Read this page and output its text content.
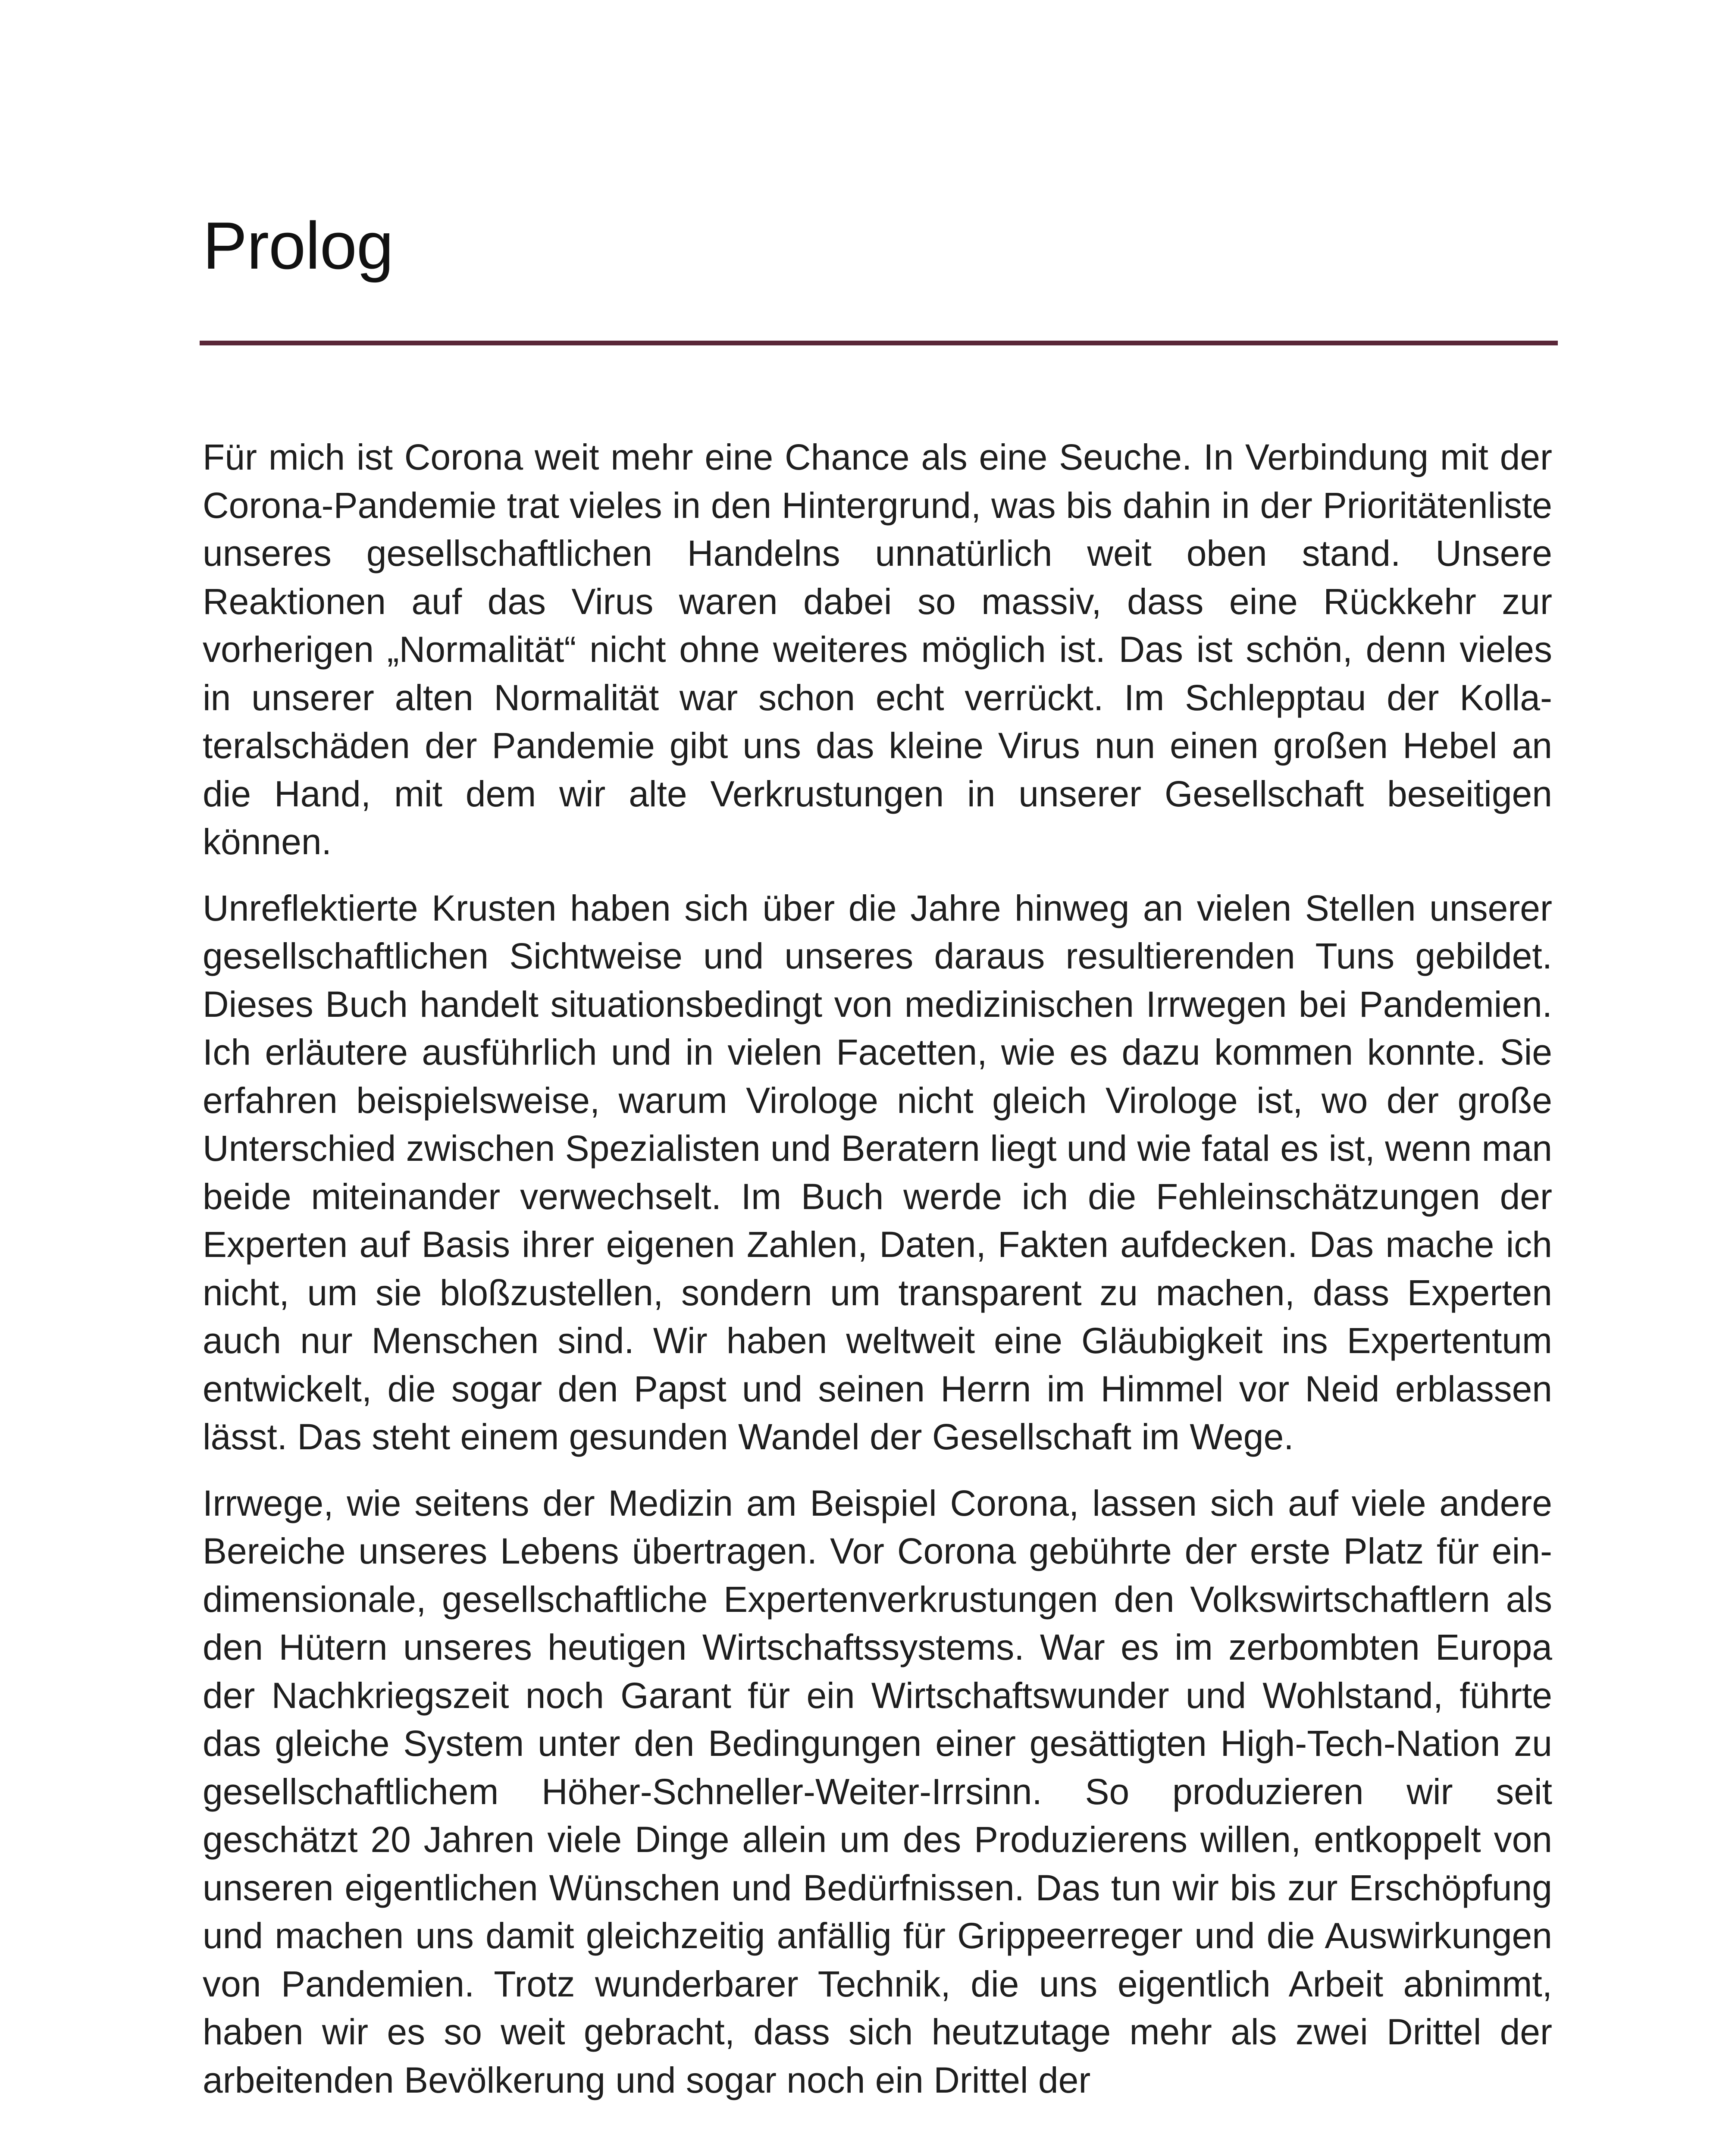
Prolog

Für mich ist Corona weit mehr eine Chance als eine Seuche. In Verbindung mit der Corona-Pandemie trat vieles in den Hintergrund, was bis dahin in der Prioritätenliste unseres gesellschaftlichen Handelns unnatürlich weit oben stand. Unsere Reaktionen auf das Virus waren dabei so massiv, dass eine Rückkehr zur vorherigen „Normalität“ nicht ohne weiteres möglich ist. Das ist schön, denn vieles in unserer alten Normalität war schon echt verrückt. Im Schlepptau der Kollateralschäden der Pandemie gibt uns das kleine Virus nun einen großen Hebel an die Hand, mit dem wir alte Verkrustungen in unserer Gesellschaft beseitigen können.

Unreflektierte Krusten haben sich über die Jahre hinweg an vielen Stellen unserer gesellschaftlichen Sichtweise und unseres daraus resultierenden Tuns gebildet. Dieses Buch handelt situationsbedingt von medizinischen Irrwegen bei Pandemien. Ich erläutere ausführlich und in vielen Facetten, wie es dazu kommen konnte. Sie erfahren beispielsweise, warum Virologe nicht gleich Virologe ist, wo der große Unterschied zwischen Spezialisten und Beratern liegt und wie fatal es ist, wenn man beide miteinander verwechselt. Im Buch werde ich die Fehleinschätzungen der Experten auf Basis ihrer eigenen Zahlen, Daten, Fakten aufdecken. Das mache ich nicht, um sie bloßzustellen, sondern um transparent zu machen, dass Experten auch nur Menschen sind. Wir haben weltweit eine Gläubigkeit ins Expertentum entwickelt, die sogar den Papst und seinen Herrn im Himmel vor Neid erblassen lässt. Das steht einem gesunden Wandel der Gesellschaft im Wege.

Irrwege, wie seitens der Medizin am Beispiel Corona, lassen sich auf viele andere Bereiche unseres Lebens übertragen. Vor Corona gebührte der erste Platz für eindimensionale, gesellschaftliche Expertenverkrustungen den Volkswirtschaftlern als den Hütern unseres heutigen Wirtschaftssystems. War es im zerbombten Europa der Nachkriegszeit noch Garant für ein Wirtschaftswunder und Wohlstand, führte das gleiche System unter den Bedingungen einer gesättigten High-Tech-Nation zu gesellschaftlichem Höher-Schneller-Weiter-Irrsinn. So produzieren wir seit geschätzt 20 Jahren viele Dinge allein um des Produzierens willen, entkoppelt von unseren eigentlichen Wünschen und Bedürfnissen. Das tun wir bis zur Erschöpfung und machen uns damit gleichzeitig anfällig für Grippeerreger und die Auswirkungen von Pandemien. Trotz wunderbarer Technik, die uns eigentlich Arbeit abnimmt, haben wir es so weit gebracht, dass sich heutzutage mehr als zwei Drittel der arbeitenden Bevölkerung und sogar noch ein Drittel der
